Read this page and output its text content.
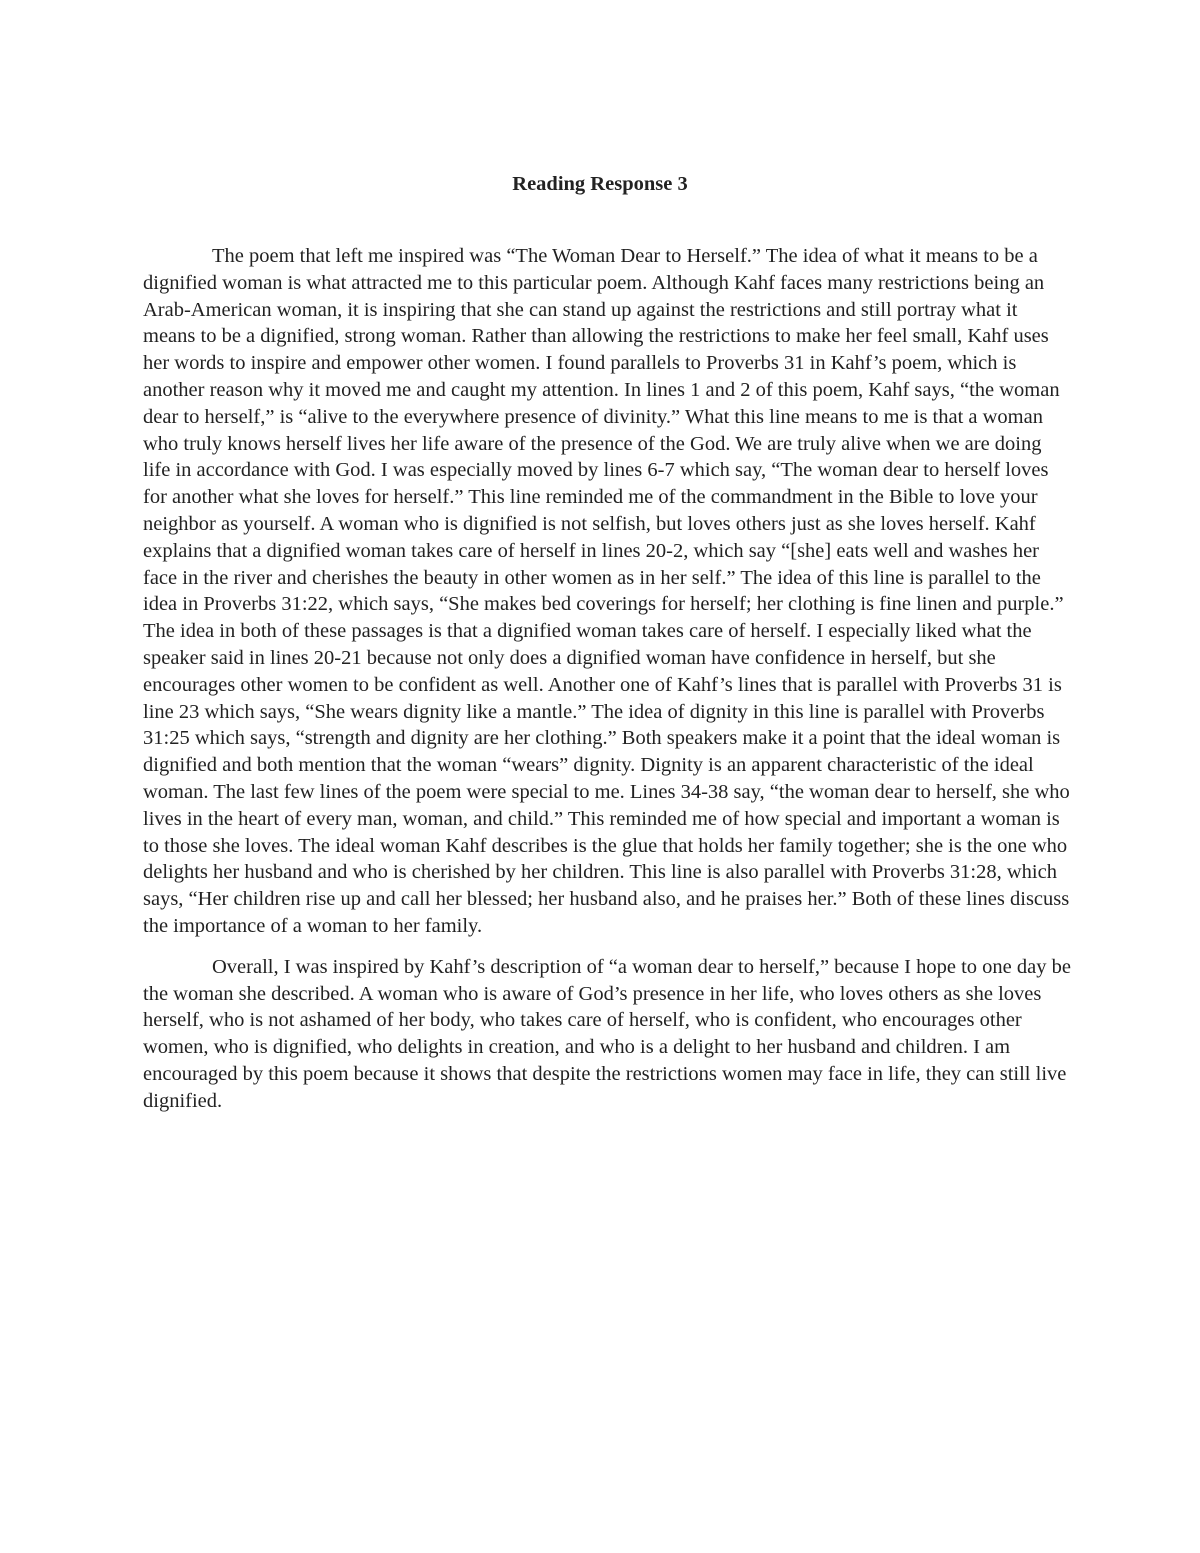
Reading Response 3

The poem that left me inspired was “The Woman Dear to Herself.” The idea of what it means to be a dignified woman is what attracted me to this particular poem. Although Kahf faces many restrictions being an Arab-American woman, it is inspiring that she can stand up against the restrictions and still portray what it means to be a dignified, strong woman. Rather than allowing the restrictions to make her feel small, Kahf uses her words to inspire and empower other women. I found parallels to Proverbs 31 in Kahf’s poem, which is another reason why it moved me and caught my attention. In lines 1 and 2 of this poem, Kahf says, “the woman dear to herself,” is “alive to the everywhere presence of divinity.” What this line means to me is that a woman who truly knows herself lives her life aware of the presence of the God. We are truly alive when we are doing life in accordance with God. I was especially moved by lines 6-7 which say, “The woman dear to herself loves for another what she loves for herself.” This line reminded me of the commandment in the Bible to love your neighbor as yourself. A woman who is dignified is not selfish, but loves others just as she loves herself. Kahf explains that a dignified woman takes care of herself in lines 20-2, which say “[she] eats well and washes her face in the river and cherishes the beauty in other women as in her self.” The idea of this line is parallel to the idea in Proverbs 31:22, which says, “She makes bed coverings for herself; her clothing is fine linen and purple.” The idea in both of these passages is that a dignified woman takes care of herself. I especially liked what the speaker said in lines 20-21 because not only does a dignified woman have confidence in herself, but she encourages other women to be confident as well. Another one of Kahf’s lines that is parallel with Proverbs 31 is line 23 which says, “She wears dignity like a mantle.” The idea of dignity in this line is parallel with Proverbs 31:25 which says, “strength and dignity are her clothing.” Both speakers make it a point that the ideal woman is dignified and both mention that the woman “wears” dignity. Dignity is an apparent characteristic of the ideal woman. The last few lines of the poem were special to me. Lines 34-38 say, “the woman dear to herself, she who lives in the heart of every man, woman, and child.” This reminded me of how special and important a woman is to those she loves. The ideal woman Kahf describes is the glue that holds her family together; she is the one who delights her husband and who is cherished by her children. This line is also parallel with Proverbs 31:28, which says, “Her children rise up and call her blessed; her husband also, and he praises her.” Both of these lines discuss the importance of a woman to her family.

Overall, I was inspired by Kahf’s description of “a woman dear to herself,” because I hope to one day be the woman she described. A woman who is aware of God’s presence in her life, who loves others as she loves herself, who is not ashamed of her body, who takes care of herself, who is confident, who encourages other women, who is dignified, who delights in creation, and who is a delight to her husband and children. I am encouraged by this poem because it shows that despite the restrictions women may face in life, they can still live dignified.
